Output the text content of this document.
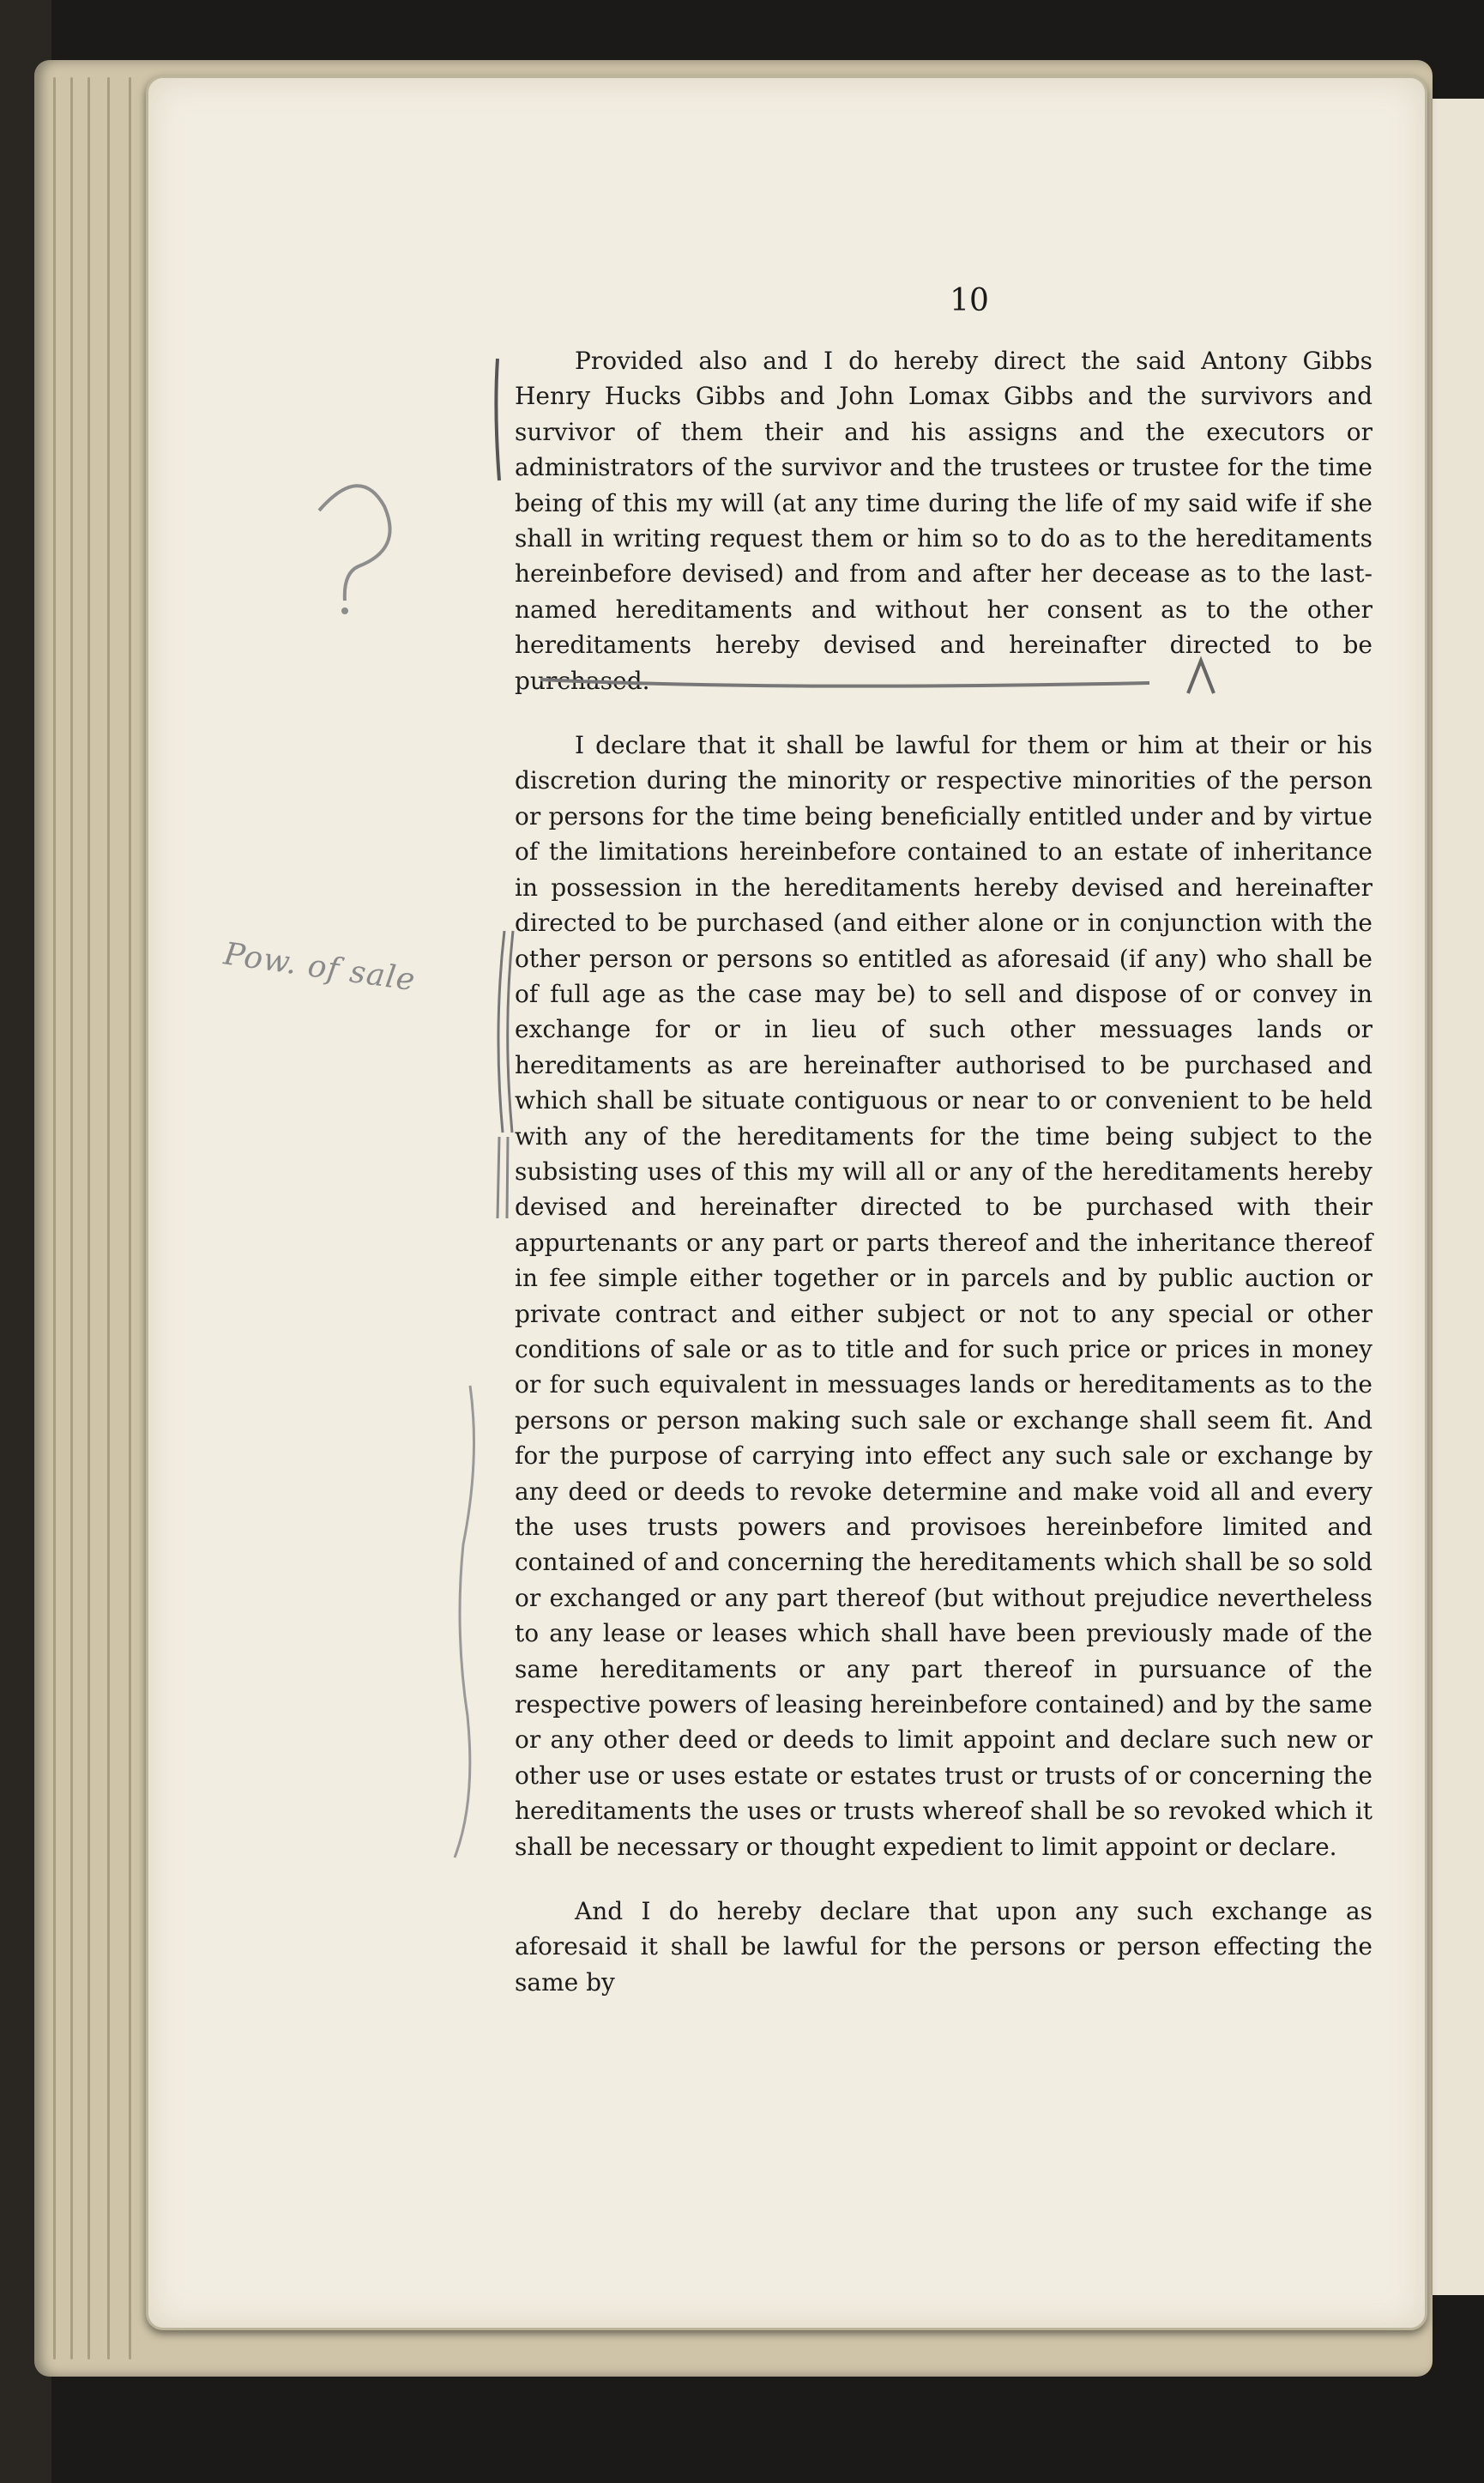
10

Provided also and I do hereby direct the said Antony Gibbs Henry Hucks Gibbs and John Lomax Gibbs and the survivors and survivor of them their and his assigns and the executors or administrators of the survivor and the trustees or trustee for the time being of this my will (at any time during the life of my said wife if she shall in writing request them or him so to do as to the hereditaments hereinbefore devised) and from and after her decease as to the last-named hereditaments and without her consent as to the other hereditaments hereby devised and hereinafter directed to be purchased.

I declare that it shall be lawful for them or him at their or his discretion during the minority or respective minorities of the person or persons for the time being beneficially entitled under and by virtue of the limitations hereinbefore contained to an estate of inheritance in possession in the hereditaments hereby devised and hereinafter directed to be purchased (and either alone or in conjunction with the other person or persons so entitled as aforesaid (if any) who shall be of full age as the case may be) to sell and dispose of or convey in exchange for or in lieu of such other messuages lands or hereditaments as are hereinafter authorised to be purchased and which shall be situate contiguous or near to or convenient to be held with any of the hereditaments for the time being subject to the subsisting uses of this my will all or any of the hereditaments hereby devised and hereinafter directed to be purchased with their appurtenants or any part or parts thereof and the inheritance thereof in fee simple either together or in parcels and by public auction or private contract and either subject or not to any special or other conditions of sale or as to title and for such price or prices in money or for such equivalent in messuages lands or hereditaments as to the persons or person making such sale or exchange shall seem fit. And for the purpose of carrying into effect any such sale or exchange by any deed or deeds to revoke determine and make void all and every the uses trusts powers and provisoes hereinbefore limited and contained of and concerning the hereditaments which shall be so sold or exchanged or any part thereof (but without prejudice nevertheless to any lease or leases which shall have been previously made of the same hereditaments or any part thereof in pursuance of the respective powers of leasing hereinbefore contained) and by the same or any other deed or deeds to limit appoint and declare such new or other use or uses estate or estates trust or trusts of or concerning the hereditaments the uses or trusts whereof shall be so revoked which it shall be necessary or thought expedient to limit appoint or declare.

And I do hereby declare that upon any such exchange as aforesaid it shall be lawful for the persons or person effecting the same by

Pow. of sale
